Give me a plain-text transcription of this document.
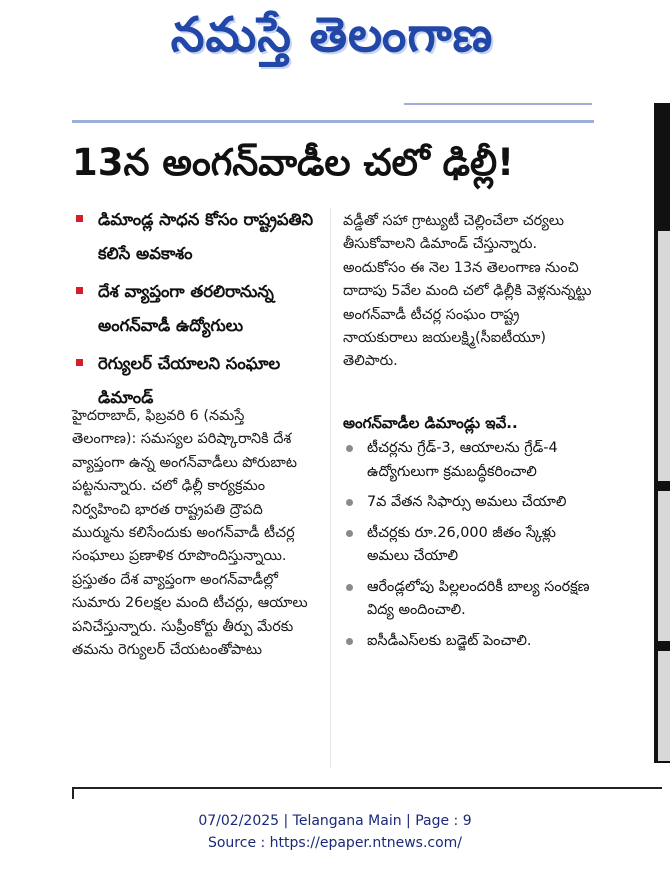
నమస్తే తెలంగాణ
13న అంగన్‌వాడీల చలో ఢిల్లీ!
డిమాండ్ల సాధన కోసం రాష్ట్రపతిని కలిసే అవకాశం
దేశ వ్యాప్తంగా తరలిరానున్న అంగన్‌వాడీ ఉద్యోగులు
రెగ్యులర్‌ చేయాలని సంఘాల డిమాండ్

హైదరాబాద్‌, ఫిబ్రవరి 6 (నమస్తే తెలంగాణ): సమస్యల పరిష్కారానికి దేశ వ్యాప్తంగా ఉన్న అంగన్‌వాడీలు పోరుబాట పట్టనున్నారు. చలో ఢిల్లీ కార్యక్రమం నిర్వహించి భారత రాష్ట్రపతి ద్రౌపది ముర్మును కలిసేందుకు అంగన్‌వాడీ టీచర్ల సంఘాలు ప్రణాళిక రూపొందిస్తున్నాయి. ప్రస్తుతం దేశ వ్యాప్తంగా అంగన్‌వాడీల్లో సుమారు 26లక్షల మంది టీచర్లు, ఆయాలు పనిచేస్తున్నారు. సుప్రీంకోర్టు తీర్పు మేరకు తమను రెగ్యులర్‌ చేయటంతోపాటు

వడ్డీతో సహా గ్రాట్యుటీ చెల్లించేలా చర్యలు తీసుకోవాలని డిమాండ్‌ చేస్తున్నారు. అందుకోసం ఈ నెల 13న తెలంగాణ నుంచి దాదాపు 5వేల మంది చలో ఢిల్లీకి వెళ్లనున్నట్టు అంగన్‌వాడీ టీచర్ల సంఘం రాష్ట్ర నాయకురాలు జయలక్ష్మి(సీఐటీయూ) తెలిపారు.

అంగన్‌వాడీల డిమాండ్లు ఇవే..
టీచర్లను గ్రేడ్‌-3, ఆయాలను గ్రేడ్‌-4 ఉద్యోగులుగా క్రమబద్ధీకరించాలి
7వ వేతన సిఫార్సు అమలు చేయాలి
టీచర్లకు రూ.26,000 జీతం స్కేళ్లు అమలు చేయాలి
ఆరేండ్లలోపు పిల్లలందరికీ బాల్య సంరక్షణ విద్య అందించాలి.
ఐసీడీఎస్‌లకు బడ్జెట్‌ పెంచాలి.
07/02/2025 | Telangana Main | Page : 9
Source : https://epaper.ntnews.com/
